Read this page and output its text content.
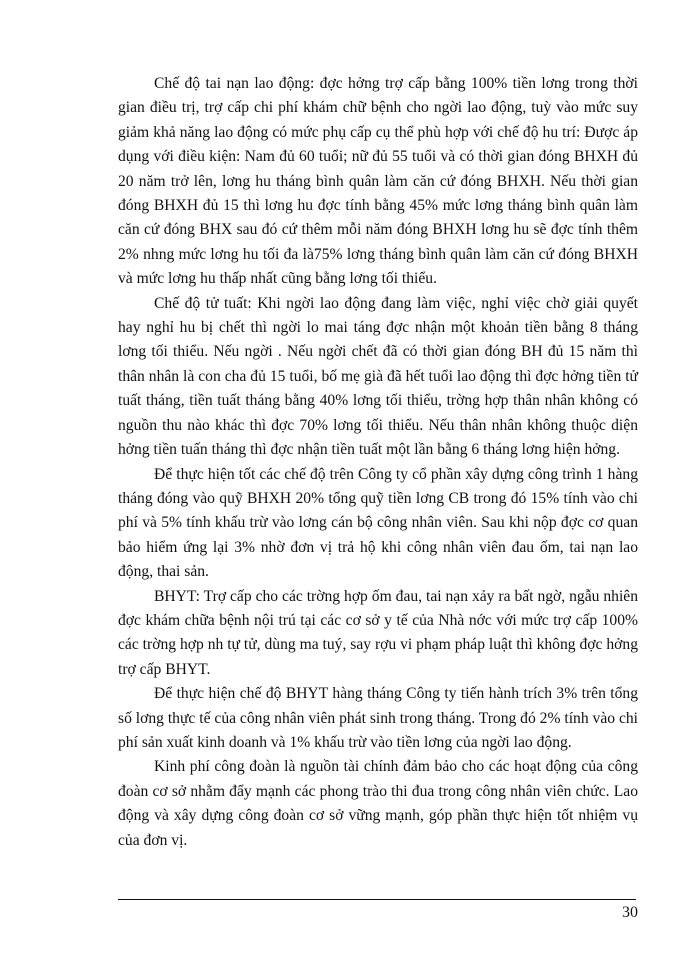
Chế độ tai nạn lao động: đợc hởng trợ cấp bằng 100% tiền lơng trong thời gian điều trị, trợ cấp chi phí khám chữ bệnh cho ngời lao động, tuỳ vào mức suy giảm khả năng lao động có mức phụ cấp cụ thể phù hợp với chế độ hu trí: Được áp dụng với điều kiện: Nam đủ 60 tuổi; nữ đủ 55 tuổi và có thời gian đóng BHXH đủ 20 năm trở lên, lơng hu tháng bình quân làm căn cứ đóng BHXH. Nếu thời gian đóng BHXH đủ 15 thì lơng hu đợc tính bằng 45% mức lơng tháng bình quân làm căn cứ đóng BHX sau đó cứ thêm mỗi năm đóng BHXH lơng hu sẽ đợc tính thêm 2% nhng mức lơng hu tối đa là75% lơng tháng bình quân làm căn cứ đóng BHXH và mức lơng hu thấp nhất cũng bằng lơng tối thiểu.

Chế độ tử tuất: Khi ngời lao động đang làm việc, nghỉ việc chờ giải quyết hay nghỉ hu bị chết thì ngời lo mai táng đợc nhận một khoản tiền bằng 8 tháng lơng tối thiểu. Nếu ngời . Nếu ngời chết đã có thời gian đóng BH đủ 15 năm thì thân nhân là con cha đủ 15 tuổi, bố mẹ già đã hết tuổi lao động thì đợc hởng tiền tử tuất tháng, tiền tuất tháng bằng 40% lơng tối thiểu, trờng hợp thân nhân không có nguồn thu nào khác thì đợc 70% lơng tối thiểu. Nếu thân nhân không thuộc diện hởng tiền tuấn tháng thì đợc nhận tiền tuất một lần bằng 6 tháng lơng hiện hởng.

Để thực hiện tốt các chế độ trên Công ty cổ phần xây dựng công trình 1 hàng tháng đóng vào quỹ BHXH 20% tổng quỹ tiền lơng CB trong đó 15% tính vào chi phí và 5% tính khấu trừ vào lơng cán bộ công nhân viên. Sau khi nộp đợc cơ quan bảo hiểm ứng lại 3% nhờ đơn vị trả hộ khi công nhân viên đau ốm, tai nạn lao động, thai sản.

BHYT: Trợ cấp cho các trờng hợp ốm đau, tai nạn xảy ra bất ngờ, ngẫu nhiên đợc khám chữa bệnh nội trú tại các cơ sở y tế của Nhà nớc với mức trợ cấp 100% các trờng hợp nh tự tử, dùng ma tuý, say rợu vi phạm pháp luật thì không đợc hởng trợ cấp BHYT.

Để thực hiện chế độ BHYT hàng tháng Công ty tiến hành trích 3% trên tổng số lơng thực tế của công nhân viên phát sinh trong tháng. Trong đó 2% tính vào chi phí sản xuất kinh doanh và 1% khấu trừ vào tiền lơng của ngời lao động.

Kinh phí công đoàn là nguồn tài chính đảm bảo cho các hoạt động của công đoàn cơ sở nhằm đẩy mạnh các phong trào thi đua trong công nhân viên chức. Lao động và xây dựng công đoàn cơ sở vững mạnh, góp phần thực hiện tốt nhiệm vụ của đơn vị.

30
